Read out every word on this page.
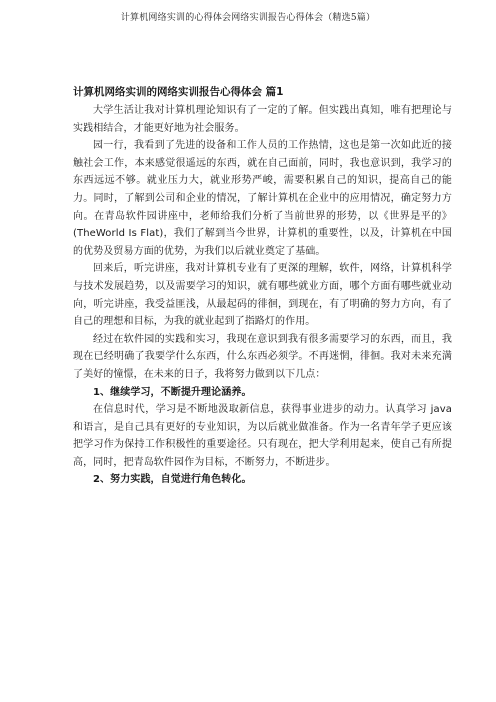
计算机网络实训的心得体会网络实训报告心得体会（精选5篇）
计算机网络实训的网络实训报告心得体会 篇1

大学生活让我对计算机理论知识有了一定的了解。但实践出真知，唯有把理论与实践相结合，才能更好地为社会服务。

园一行，我看到了先进的设备和工作人员的工作热情，这也是第一次如此近的接触社会工作，本来感觉很遥远的东西，就在自己面前，同时，我也意识到，我学习的东西远远不够。就业压力大，就业形势严峻，需要积累自己的知识，提高自己的能力。同时，了解到公司和企业的情况，了解计算机在企业中的应用情况，确定努力方向。在青岛软件园讲座中，老师给我们分析了当前世界的形势，以《世界是平的》(TheWorld Is Flat)，我们了解到当今世界，计算机的重要性，以及，计算机在中国的优势及贸易方面的优势，为我们以后就业奠定了基础。

回来后，听完讲座，我对计算机专业有了更深的理解，软件，网络，计算机科学与技术发展趋势，以及需要学习的知识，就有哪些就业方面，哪个方面有哪些就业动向，听完讲座，我受益匪浅，从最起码的徘徊，到现在，有了明确的努力方向，有了自己的理想和目标，为我的就业起到了指路灯的作用。

经过在软件园的实践和实习，我现在意识到我有很多需要学习的东西，而且，我现在已经明确了我要学什么东西，什么东西必须学。不再迷惘，徘徊。我对未来充满了美好的憧憬，在未来的日子，我将努力做到以下几点：

1、继续学习，不断提升理论涵养。

在信息时代，学习是不断地汲取新信息，获得事业进步的动力。认真学习 java 和语言，是自己具有更好的专业知识，为以后就业做准备。作为一名青年学子更应该把学习作为保持工作积极性的重要途径。只有现在，把大学利用起来，使自己有所提高，同时，把青岛软件园作为目标，不断努力，不断进步。

2、努力实践，自觉进行角色转化。
